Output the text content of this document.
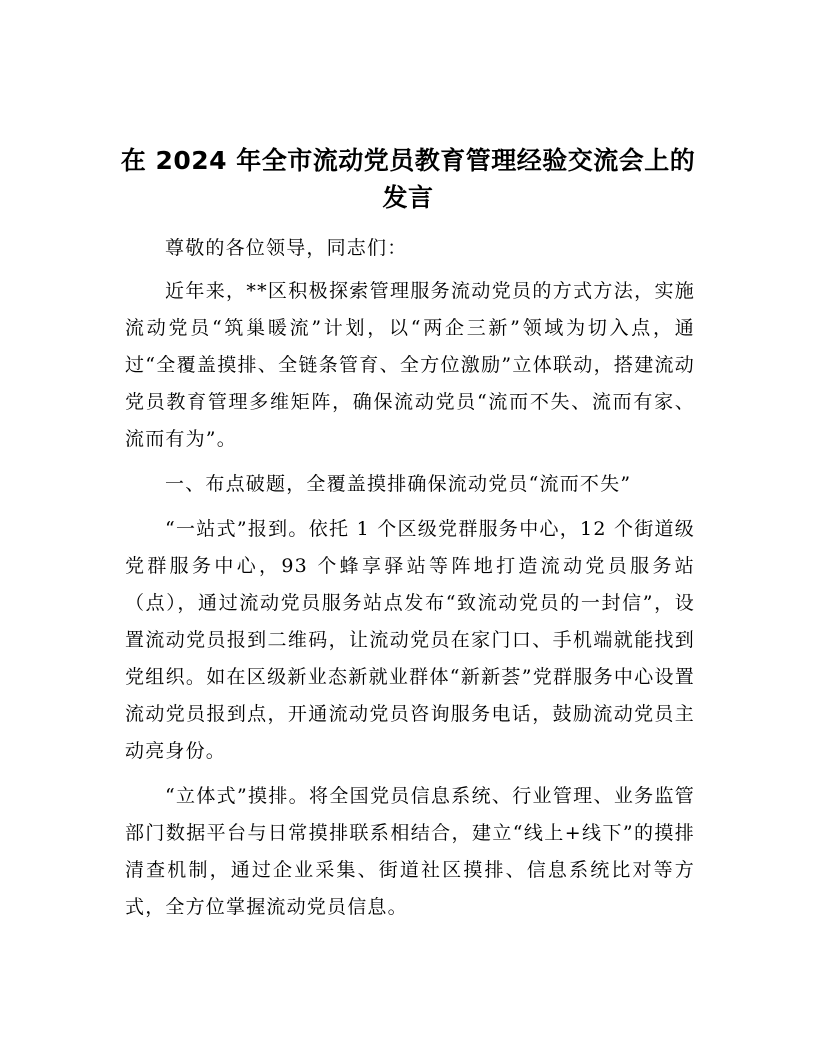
在 2024 年全市流动党员教育管理经验交流会上的发言

尊敬的各位领导，同志们：

近年来，**区积极探索管理服务流动党员的方式方法，实施流动党员“筑巢暖流”计划，以“两企三新”领域为切入点，通过“全覆盖摸排、全链条管育、全方位激励”立体联动，搭建流动党员教育管理多维矩阵，确保流动党员“流而不失、流而有家、流而有为”。

一、布点破题，全覆盖摸排确保流动党员“流而不失”

“一站式”报到。依托 1 个区级党群服务中心，12 个街道级党群服务中心，93 个蜂享驿站等阵地打造流动党员服务站（点），通过流动党员服务站点发布“致流动党员的一封信”，设置流动党员报到二维码，让流动党员在家门口、手机端就能找到党组织。如在区级新业态新就业群体“新新荟”党群服务中心设置流动党员报到点，开通流动党员咨询服务电话，鼓励流动党员主动亮身份。

“立体式”摸排。将全国党员信息系统、行业管理、业务监管部门数据平台与日常摸排联系相结合，建立“线上+线下”的摸排清查机制，通过企业采集、街道社区摸排、信息系统比对等方式，全方位掌握流动党员信息。
